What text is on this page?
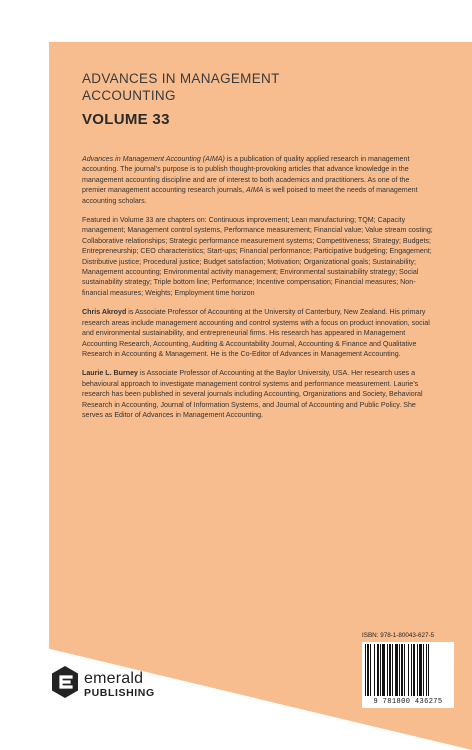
ADVANCES IN MANAGEMENT
ACCOUNTING
VOLUME 33

Advances in Management Accounting (AIMA) is a publication of quality applied research in management accounting. The journal’s purpose is to publish thought-provoking articles that advance knowledge in the management accounting discipline and are of interest to both academics and practitioners. As one of the premier management accounting research journals, AIMA is well poised to meet the needs of management accounting scholars.

Featured in Volume 33 are chapters on: Continuous improvement; Lean manufacturing; TQM; Capacity management; Management control systems, Performance measurement; Financial value; Value stream costing; Collaborative relationships; Strategic performance measurement systems; Competitiveness; Strategy; Budgets; Entrepreneurship; CEO characteristics; Start-ups; Financial performance; Participative budgeting; Engagement; Distributive justice; Procedural justice; Budget satisfaction; Motivation; Organizational goals; Sustainability; Management accounting; Environmental activity management; Environmental sustainability strategy; Social sustainability strategy; Triple bottom line; Performance; Incentive compensation; Financial measures; Non-financial measures; Weights; Employment time horizon

Chris Akroyd is Associate Professor of Accounting at the University of Canterbury, New Zealand. His primary research areas include management accounting and control systems with a focus on product innovation, social and environmental sustainability, and entrepreneurial firms. His research has appeared in Management Accounting Research, Accounting, Auditing & Accountability Journal, Accounting & Finance and Qualitative Research in Accounting & Management. He is the Co-Editor of Advances in Management Accounting.

Laurie L. Burney is Associate Professor of Accounting at the Baylor University, USA. Her research uses a behavioural approach to investigate management control systems and performance measurement. Laurie’s research has been published in several journals including Accounting, Organizations and Society, Behavioral Research in Accounting, Journal of Information Systems, and Journal of Accounting and Public Policy. She serves as Editor of Advances in Management Accounting.

ISBN: 978-1-80043-627-5
9 781800 436275
emerald
PUBLISHING
